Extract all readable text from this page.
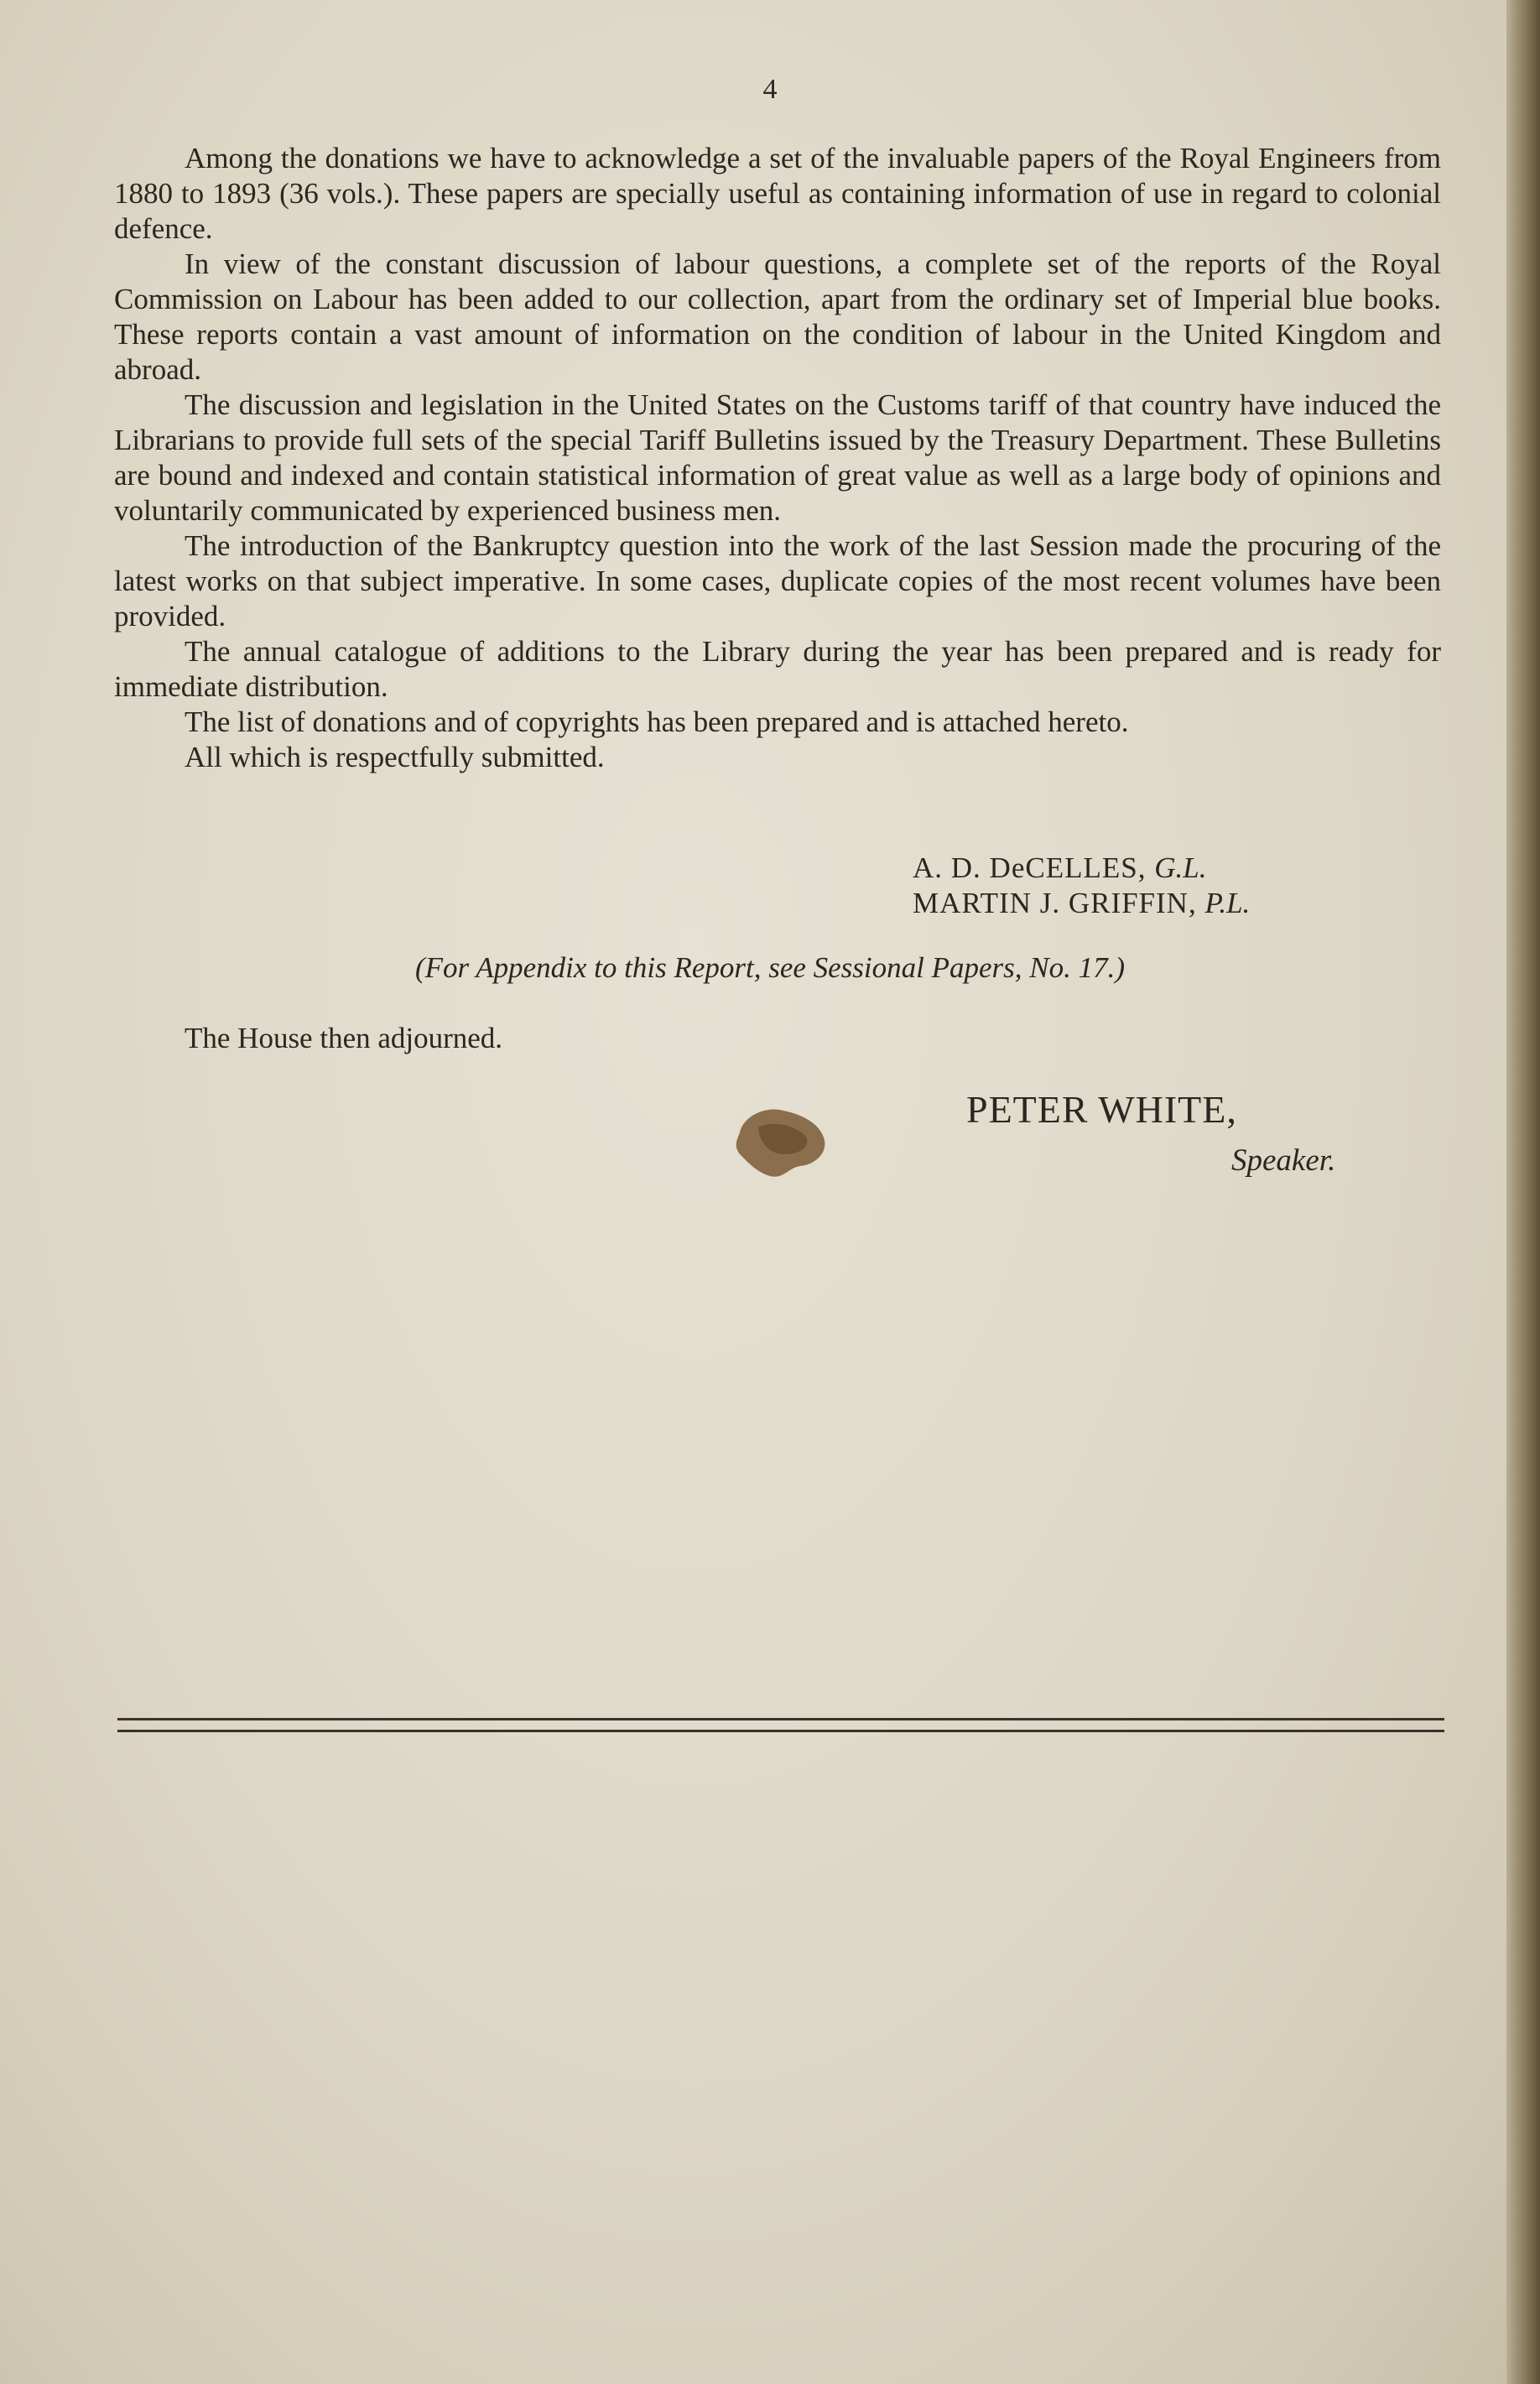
4

Among the donations we have to acknowledge a set of the invaluable papers of the Royal Engineers from 1880 to 1893 (36 vols.). These papers are specially useful as containing information of use in regard to colonial defence.

In view of the constant discussion of labour questions, a complete set of the reports of the Royal Commission on Labour has been added to our collection, apart from the ordinary set of Imperial blue books. These reports contain a vast amount of information on the condition of labour in the United Kingdom and abroad.

The discussion and legislation in the United States on the Customs tariff of that country have induced the Librarians to provide full sets of the special Tariff Bulletins issued by the Treasury Department. These Bulletins are bound and indexed and contain statistical information of great value as well as a large body of opinions and voluntarily communicated by experienced business men.

The introduction of the Bankruptcy question into the work of the last Session made the procuring of the latest works on that subject imperative. In some cases, duplicate copies of the most recent volumes have been provided.

The annual catalogue of additions to the Library during the year has been prepared and is ready for immediate distribution.

The list of donations and of copyrights has been prepared and is attached hereto.

All which is respectfully submitted.

A. D. DeCELLES, G.L.
MARTIN J. GRIFFIN, P.L.
(For Appendix to this Report, see Sessional Papers, No. 17.)
The House then adjourned.
PETER WHITE,
Speaker.
